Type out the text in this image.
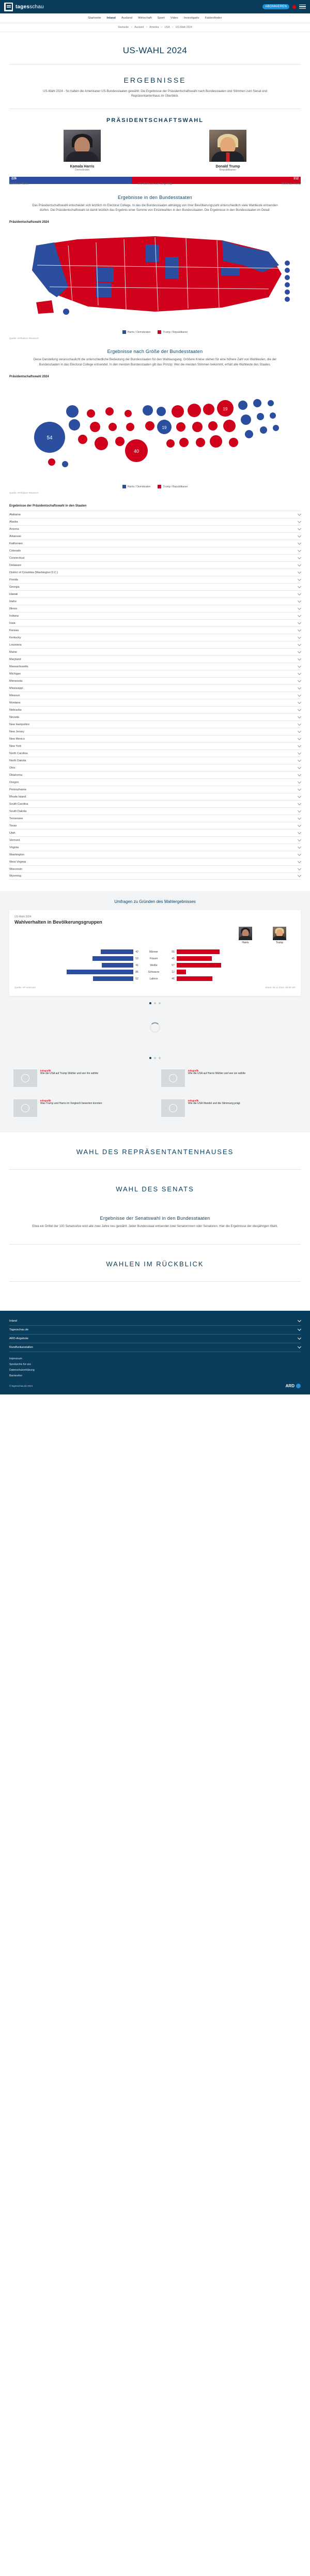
tagesschau	ABONNIEREN
Startseite Inland Ausland Wirtschaft Sport Video Investigativ Faktenfinder
Startseite > Ausland > Amerika > USA > US-Wahl 2024
US-WAHL 2024
ERGEBNISSE

US-Wahl 2024 - So haben die Amerikaner US-Bundesstaaten gewählt: Die Ergebnisse der Präsidentschaftswahl nach Bundesstaaten und Stimmen zum Senat und Repräsentantenhaus im Überblick.

PRÄSIDENTSCHAFTSWAHL
Kamala Harris
Demokratin
Donald Trump
Republikaner
226	312
Wahlleute Harris	270 Wahlleute zum Sieg nötig	Wahlleute Trump
Ergebnisse in den Bundesstaaten

Das Präsidentschaftswahl entscheidet sich letztlich im Electoral College. In das die Bundesstaaten abhängig von ihrer Bevölkerungszahl unterschiedlich viele Wahlleute entsenden dürfen. Die Präsidentschaftswahl ist damit letztlich das Ergebnis einer Summe von Einzelwahlen in den Bundesstaaten. Die Ergebnisse in den Bundesstaaten im Detail:

Präsidentschaftswahl 2024
Harris / Demokraten	Trump / Republikaner
Quelle: AP/Edison Research
Ergebnisse nach Größe der Bundesstaaten

Diese Darstellung veranschaulicht die unterschiedliche Bedeutung der Bundesstaaten für den Wahlausgang. Größere Kreise stehen für eine höhere Zahl von Wahlleuten, die der Bundesstaaten in das Electoral College entsendet. In den meisten Bundesstaaten gilt das Prinzip: Wer die meisten Stimmen bekommt, erhält alle Wahlleute des Staates.

Präsidentschaftswahl 2024
54
40
19
19
Harris / Demokraten	Trump / Republikaner
Quelle: AP/Edison Research
Ergebnisse der Präsidentschaftswahl in den Staaten
Alabama
Alaska
Arizona
Arkansas
Kalifornien
Colorado
Connecticut
Delaware
District of Columbia (Washington D.C.)
Florida
Georgia
Hawaii
Idaho
Illinois
Indiana
Iowa
Kansas
Kentucky
Louisiana
Maine
Maryland
Massachusetts
Michigan
Minnesota
Mississippi
Missouri
Montana
Nebraska
Nevada
New Hampshire
New Jersey
New Mexico
New York
North Carolina
North Dakota
Ohio
Oklahoma
Oregon
Pennsylvania
Rhode Island
South Carolina
South Dakota
Tennessee
Texas
Utah
Vermont
Virginia
Washington
West Virginia
Wisconsin
Wyoming
Umfragen zu Gründen des Wahlergebnisses
US-Wahl 2024
Wahlverhalten in Bevölkerungsgruppen
Harris	Trump
42	Männer	55
53	Frauen	45
41	Weiße	57
86	Schwarze	12
52	Latinos	46
Quelle: AP VoteCast	Stand: 06.11.2024, 09:00 Uhr
Infografik
Wie die USA auf Trump Wähler und wer ihn wählte
Infografik
Wie die USA auf Harris Wähler und wer sie wählte
Infografik
Was Trump und Harris im Vergleich bewerten konnten
Infografik
Wie die USA Wandel und die Stimmung prägt
WAHL DES REPRÄSENTANTENHAUSES
WAHL DES SENATS
Ergebnisse der Senatswahl in den Bundesstaaten

Etwa ein Drittel der 100 Senatssitze wird alle zwei Jahre neu gewählt. Jeder Bundesstaat entsendet zwei Senatorinnen oder Senatoren. Hier die Ergebnisse der diesjährigen Wahl.

WAHLEN IM RÜCKBLICK
Inland
Tagesschau.de
ARD-Angebote
Rundfunkanstalten
Impressum
Sportarchiv für uns
Datenschutzerklärung
Barrierefrei
© tagesschau.de 2024	ARD
